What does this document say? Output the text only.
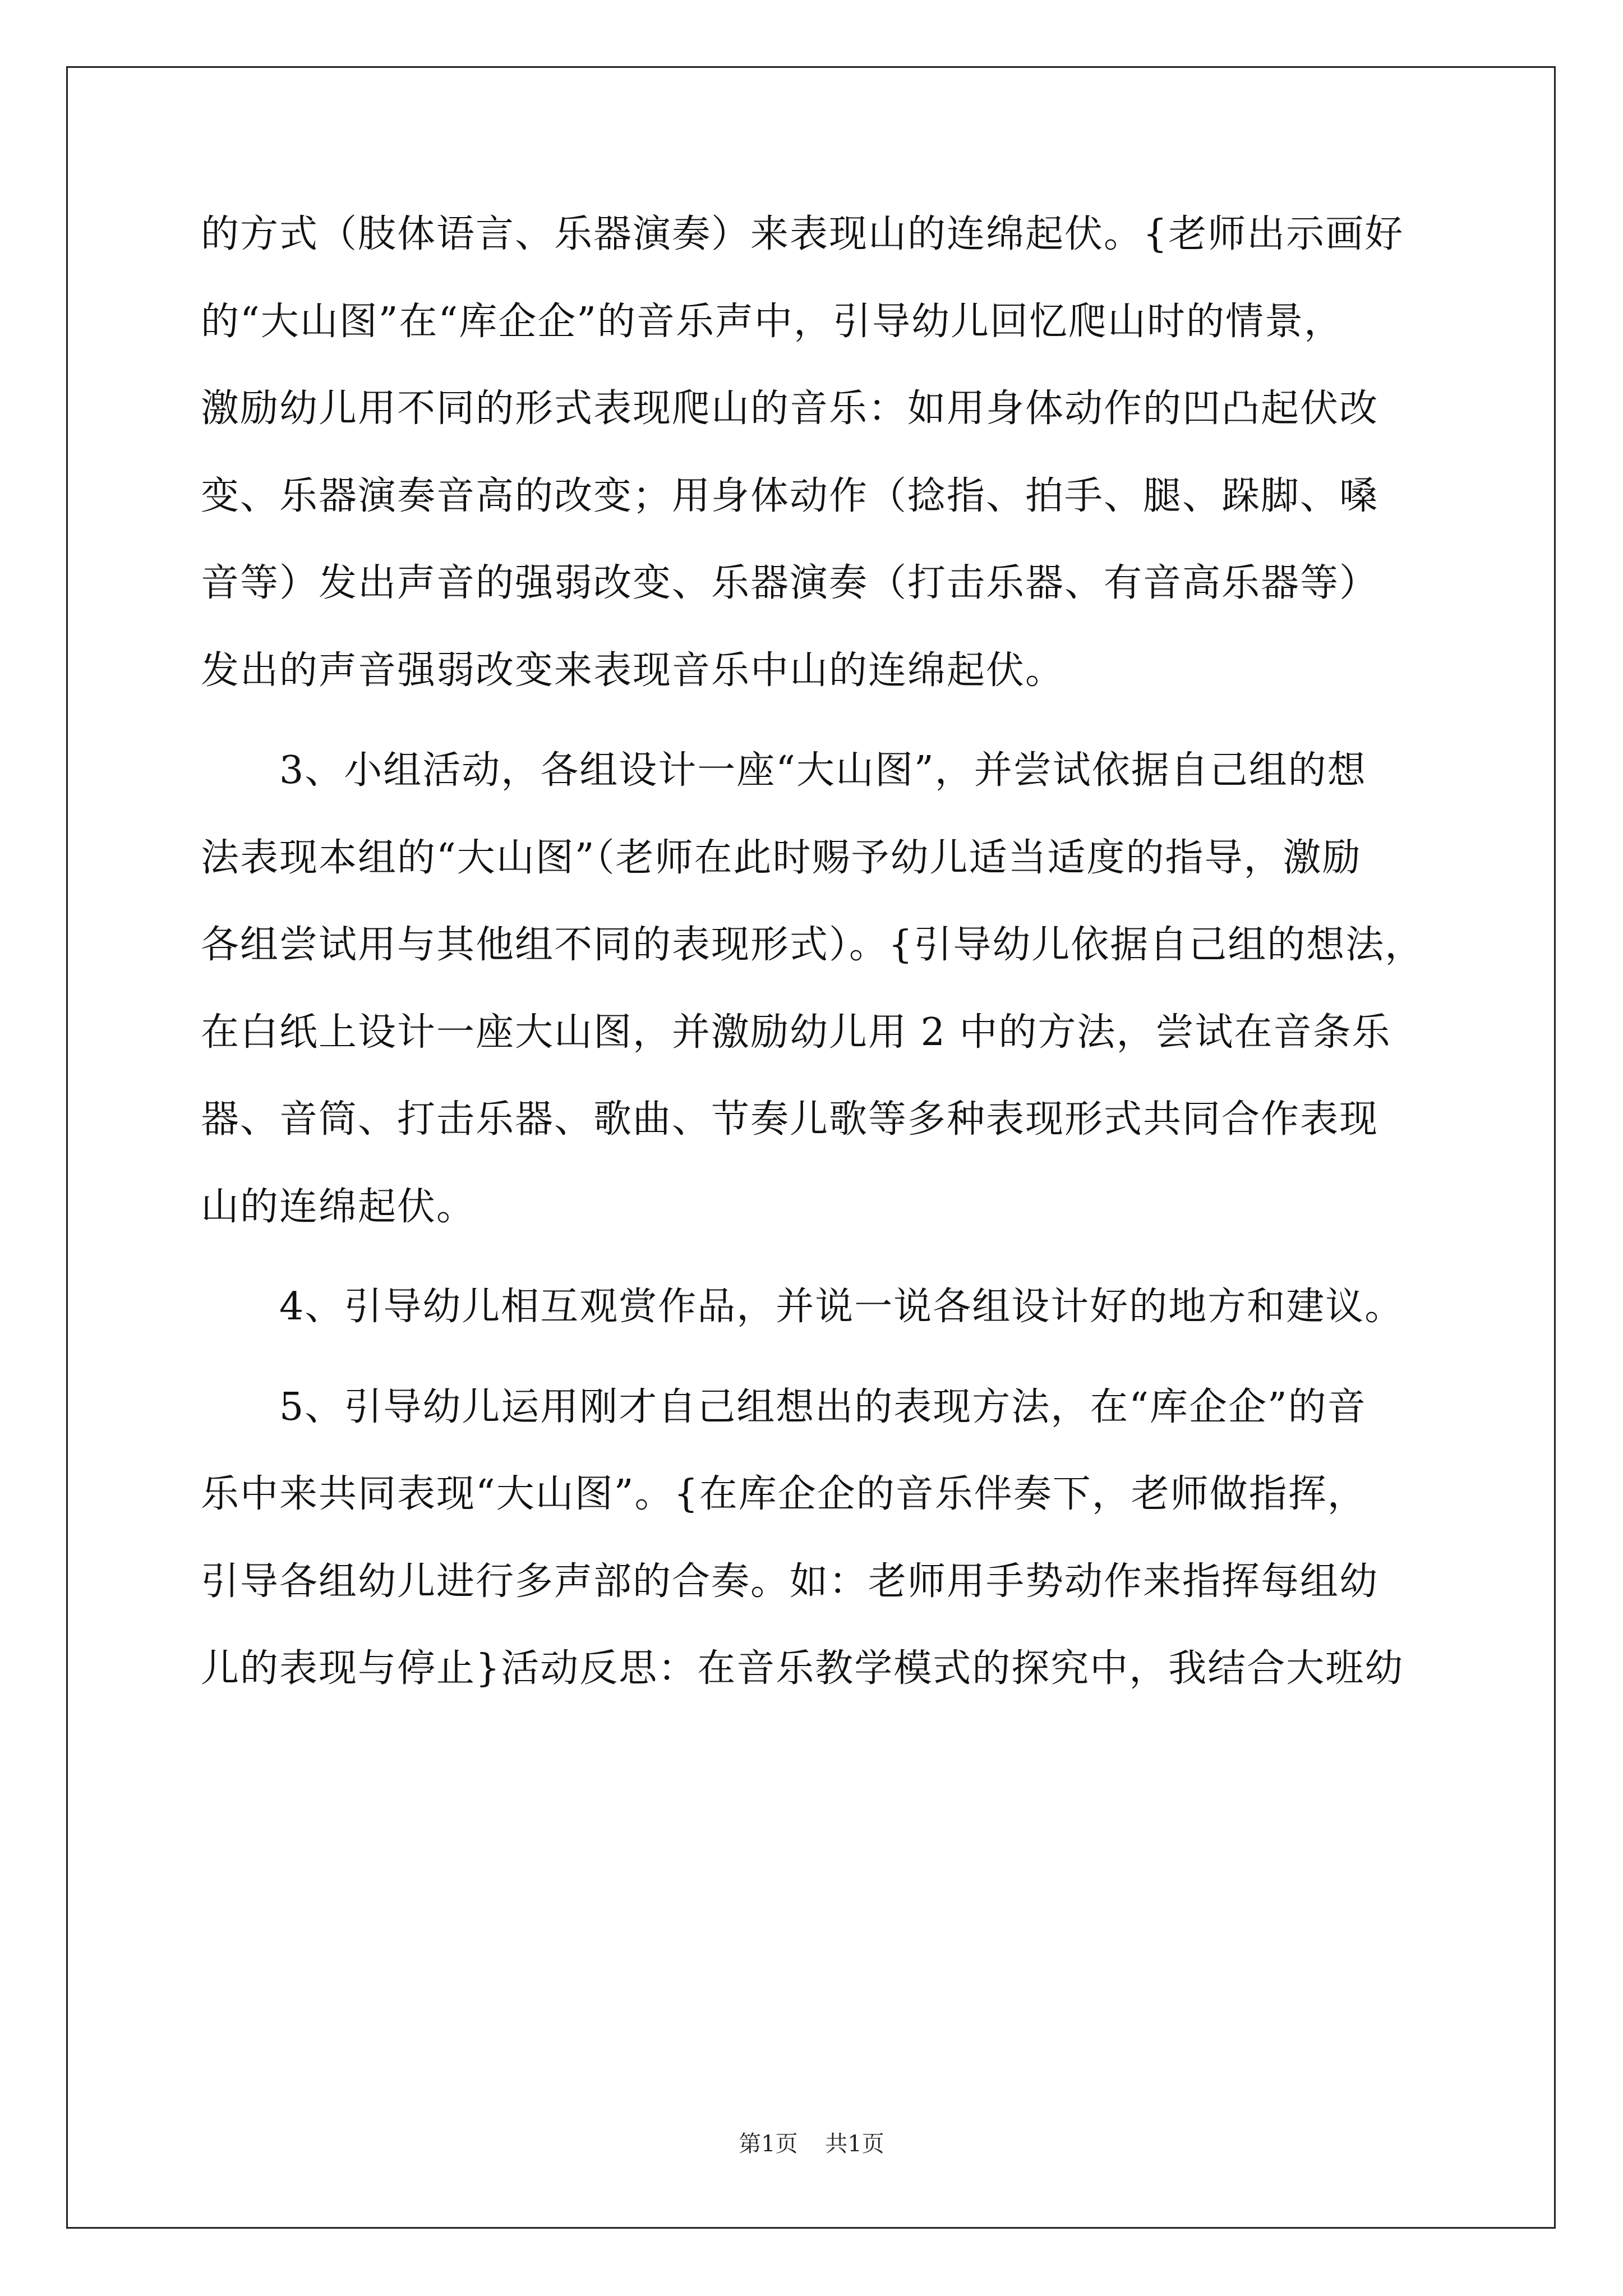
的方式（肢体语言、乐器演奏）来表现山的连绵起伏。{老师出示画好
的“大山图”在“库企企”的音乐声中，引导幼儿回忆爬山时的情景，
激励幼儿用不同的形式表现爬山的音乐：如用身体动作的凹凸起伏改
变、乐器演奏音高的改变；用身体动作（捻指、拍手、腿、跺脚、嗓
音等）发出声音的强弱改变、乐器演奏（打击乐器、有音高乐器等）
发出的声音强弱改变来表现音乐中山的连绵起伏。
3、小组活动，各组设计一座“大山图”，并尝试依据自己组的想
法表现本组的“大山图”（老师在此时赐予幼儿适当适度的指导，激励
各组尝试用与其他组不同的表现形式）。{引导幼儿依据自己组的想法，
在白纸上设计一座大山图，并激励幼儿用 2 中的方法，尝试在音条乐
器、音筒、打击乐器、歌曲、节奏儿歌等多种表现形式共同合作表现
山的连绵起伏。
4、引导幼儿相互观赏作品，并说一说各组设计好的地方和建议。
5、引导幼儿运用刚才自己组想出的表现方法，在“库企企”的音
乐中来共同表现“大山图”。{在库企企的音乐伴奏下，老师做指挥，
引导各组幼儿进行多声部的合奏。如：老师用手势动作来指挥每组幼
儿的表现与停止}活动反思：在音乐教学模式的探究中，我结合大班幼
第1页 共1页
